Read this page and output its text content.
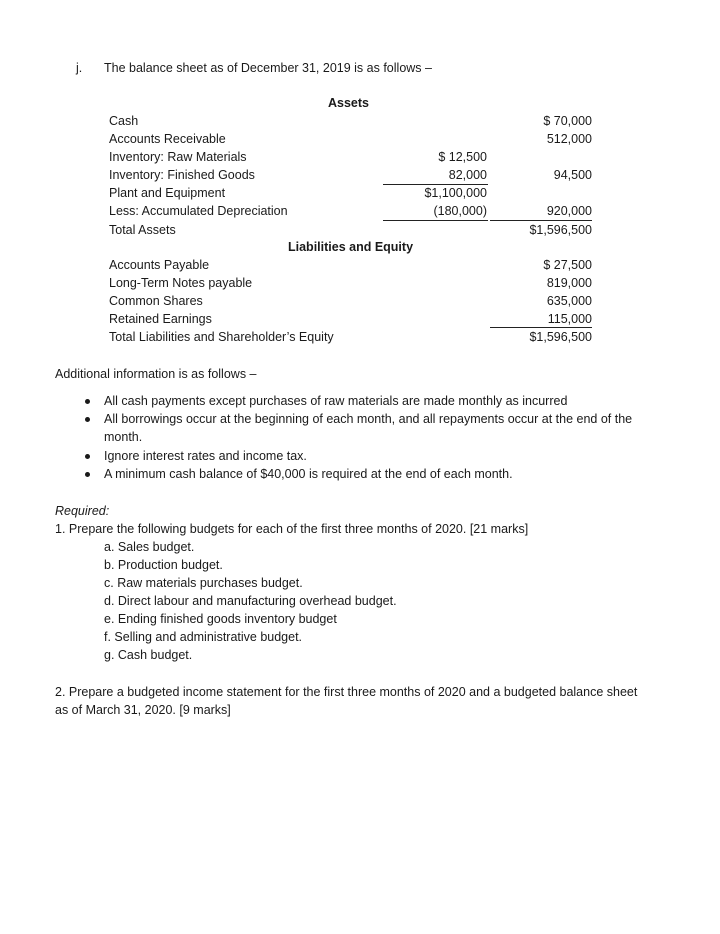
j. The balance sheet as of December 31, 2019 is as follows –
Assets
Cash	$ 70,000
Accounts Receivable	512,000
Inventory: Raw Materials	$ 12,500
Inventory: Finished Goods	82,000	94,500
Plant and Equipment	$1,100,000
Less: Accumulated Depreciation	(180,000)	920,000
Total Assets	$1,596,500
Liabilities and Equity
Accounts Payable	$ 27,500
Long-Term Notes payable	819,000
Common Shares	635,000
Retained Earnings	115,000
Total Liabilities and Shareholder’s Equity	$1,596,500
Additional information is as follows –
All cash payments except purchases of raw materials are made monthly as incurred
All borrowings occur at the beginning of each month, and all repayments occur at the end of the
month.
Ignore interest rates and income tax.
A minimum cash balance of $40,000 is required at the end of each month.
Required:
1. Prepare the following budgets for each of the first three months of 2020. [21 marks]
a. Sales budget.
b. Production budget.
c. Raw materials purchases budget.
d. Direct labour and manufacturing overhead budget.
e. Ending finished goods inventory budget
f. Selling and administrative budget.
g. Cash budget.
2. Prepare a budgeted income statement for the first three months of 2020 and a budgeted balance sheet
as of March 31, 2020. [9 marks]
